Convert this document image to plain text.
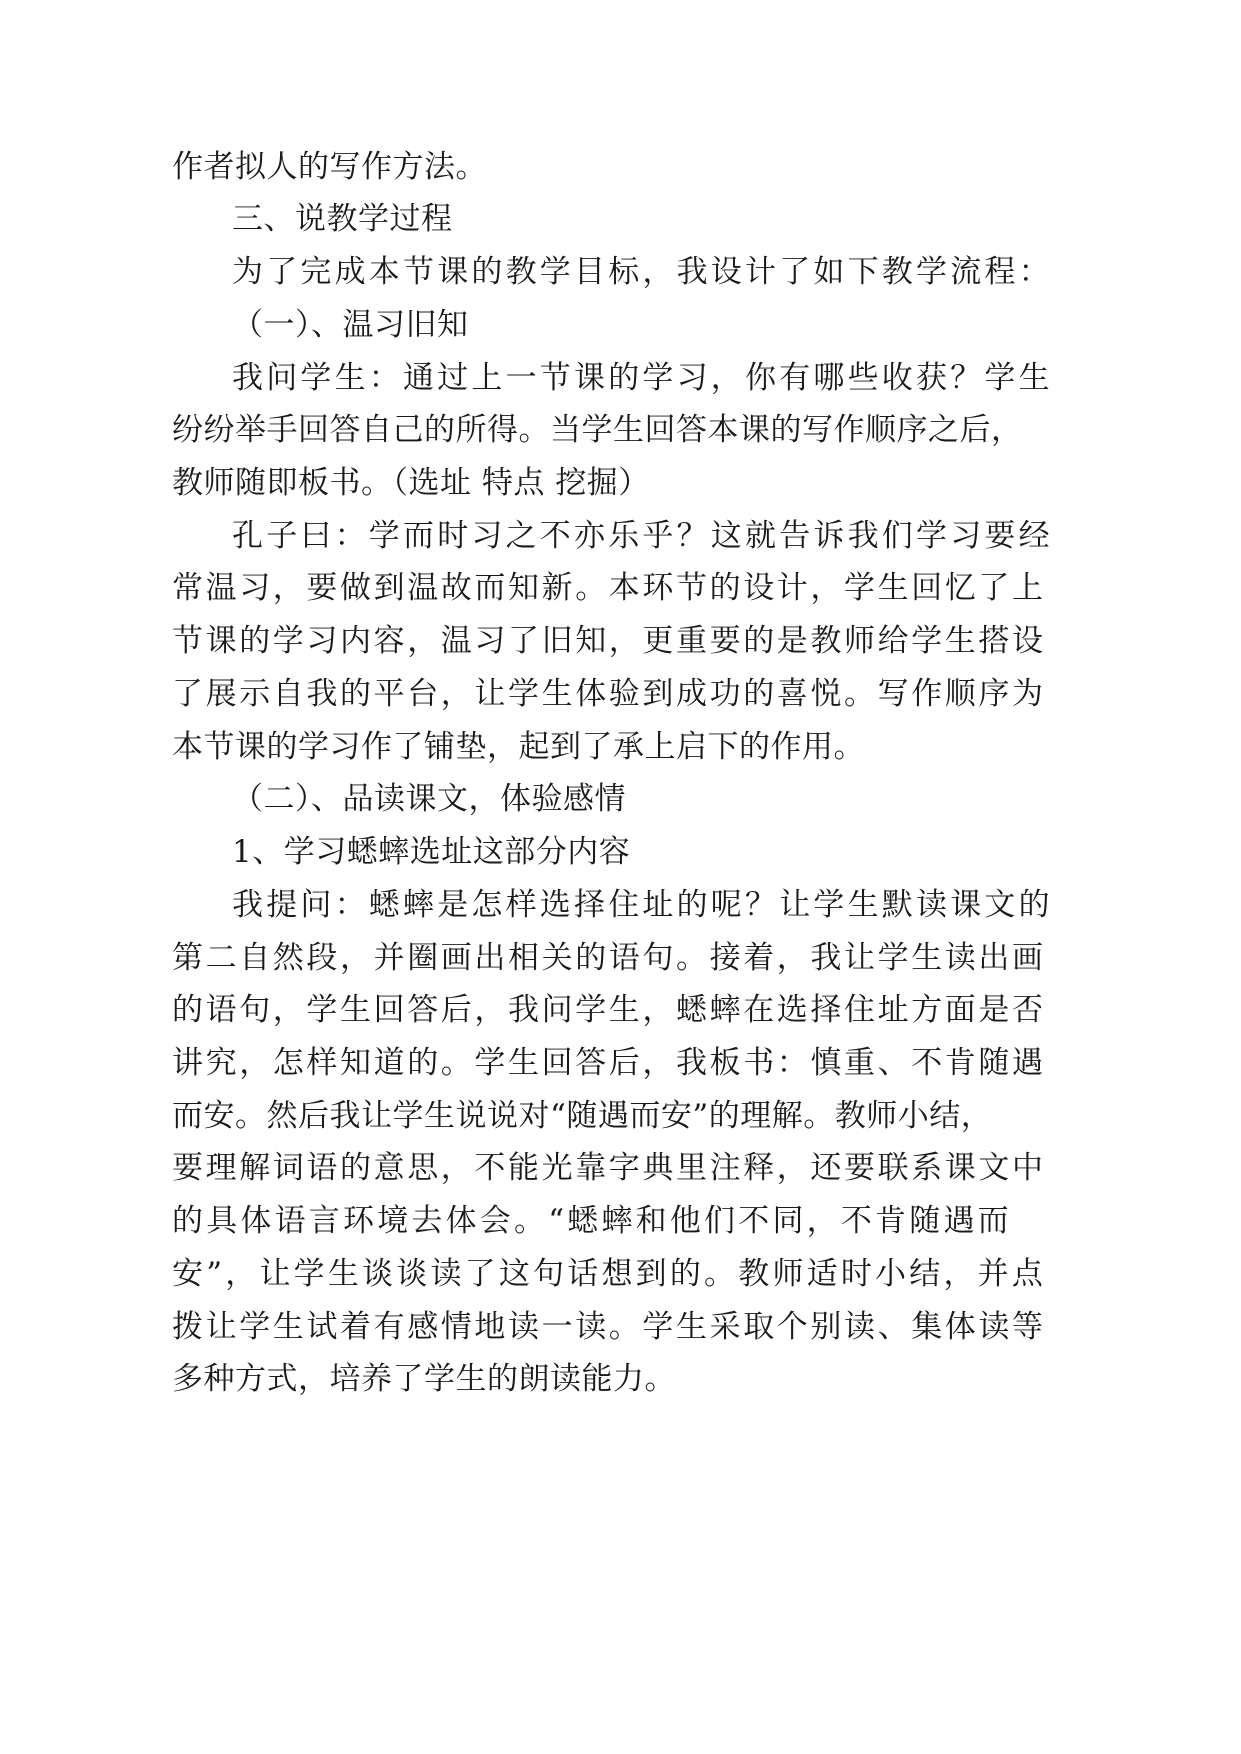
作者拟人的写作方法。
三、说教学过程
为了完成本节课的教学目标，我设计了如下教学流程：
（一）、温习旧知
我问学生：通过上一节课的学习，你有哪些收获？学生
纷纷举手回答自己的所得。当学生回答本课的写作顺序之后，
教师随即板书。（选址 特点 挖掘）
孔子曰：学而时习之不亦乐乎？这就告诉我们学习要经
常温习，要做到温故而知新。本环节的设计，学生回忆了上
节课的学习内容，温习了旧知，更重要的是教师给学生搭设
了展示自我的平台，让学生体验到成功的喜悦。写作顺序为
本节课的学习作了铺垫，起到了承上启下的作用。
（二）、品读课文，体验感情
1、学习蟋蟀选址这部分内容
我提问：蟋蟀是怎样选择住址的呢？让学生默读课文的
第二自然段，并圈画出相关的语句。接着，我让学生读出画
的语句，学生回答后，我问学生，蟋蟀在选择住址方面是否
讲究，怎样知道的。学生回答后，我板书：慎重、不肯随遇
而安。然后我让学生说说对“随遇而安”的理解。教师小结，
要理解词语的意思，不能光靠字典里注释，还要联系课文中
的具体语言环境去体会。“蟋蟀和他们不同，不肯随遇而
安”，让学生谈谈读了这句话想到的。教师适时小结，并点
拨让学生试着有感情地读一读。学生采取个别读、集体读等
多种方式，培养了学生的朗读能力。
